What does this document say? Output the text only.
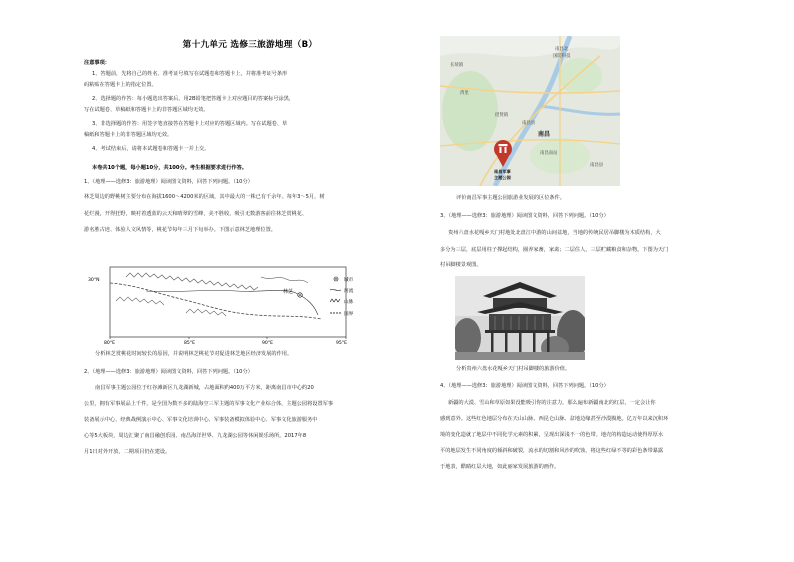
第十九单元 选修三旅游地理（B）
注意事项：
1、答题前，先将自己的姓名、准考证号填写在试题卷和答题卡上，并将准考证号条形
码粘贴在答题卡上的指定位置。
2、选择题的作答：每小题选出答案后，用2B铅笔把答题卡上对应题目的答案标号涂黑，
写在试题卷、草稿纸和答题卡上的非答题区域均无效。
3、非选择题的作答：用签字笔直接答在答题卡上对应的答题区域内。写在试题卷、草
稿纸和答题卡上的非答题区域均无效。
4、考试结束后，请将本试题卷和答题卡一并上交。
本卷共10个题，每小题10分，共100分。考生根据要求进行作答。
1、（地理——选修3：旅游地理）阅读图文资料，回答下列问题。（10分）
林芝周边的野桃树主要分布在海拔1600～4200米的区域，其中最大的一株已有千余年。每年3～5月，树
花烂漫，开得狂野，映衬着透蓝的云天和晴翠的雪峰，美不胜收，吸引无数游客前往林芝赏桃花、
游名胜古迹、体验人文风情等，桃花节每年三月下旬举办。下图示意林芝地理位置。
林芝
30°N
80°E	85°E	90°E	95°E
城市
河流
山脉
国界
分析林芝赏桃花时间较长的原因，并说明林芝桃花节对促进林芝地区经济发展的作用。
2、（地理——选修3：旅游地理）阅读图文资料，回答下列问题。（10分）
南昌军事主题公园位于红谷滩新区九龙湖新城，占地面积约400万平方米，距离南昌市中心约20
公里，拥有军事展品上千件，是全国为数不多的陆海空三军主题的军事文化产业综合体，主题公园将设置军事
装备展示中心、经典战例演示中心、军事文化培训中心、军事装备模拟体验中心、军事文化旅游服务中
心等5大板块，周边汇聚了南昌融创乐园、南昌海洋世界、九龙湖公园等休闲娱乐场所。2017年8
月1日对外开放，二期项目仍在建设。
南昌北
国防科技
长堎镇
湾里
招贤镇
南昌县
南昌
南昌南站
南昌县
南昌军事
主题公园
评价南昌军事主题公园旅游业发展的区位条件。
3、（地理——选修3：旅游地理）阅读图文资料，回答下列问题。（10分）
贵州六盘水花嘎乡天门村地处北盘江中游的山间盆地，当地的传统民居吊脚楼为木质结构，大
多分为三层，底层用柱子撑起结构，圈养家畜，家禽；二层住人，三层贮藏粮食和杂物。下图为天门
村吊脚楼景观图。
分析贵州六盘水花嘎乡天门村吊脚楼的旅游价值。
4、（地理——选修3：旅游地理）阅读图文资料，回答下列问题。（10分）
新疆的大漠、雪山和草原如果没能吸引你的注意力，那么遍布新疆南北的红层，一定会让你
感到意外。这些红色地层分布在天山山脉、西昆仑山脉、盆地边缘甚至沙漠腹地。亿万年以来沉积环
境的变化造就了地层中不同化学元素的积累，呈现出深浅不一的色带。地壳的构造运动使得厚厚水
平的地层发生不同角度的倾斜和破裂，流水的切割和风沙的吹蚀，将这些红绿不等的彩色条带暴露
于地表，酷睛红层大地，如此丽家发展旅游的画作。
